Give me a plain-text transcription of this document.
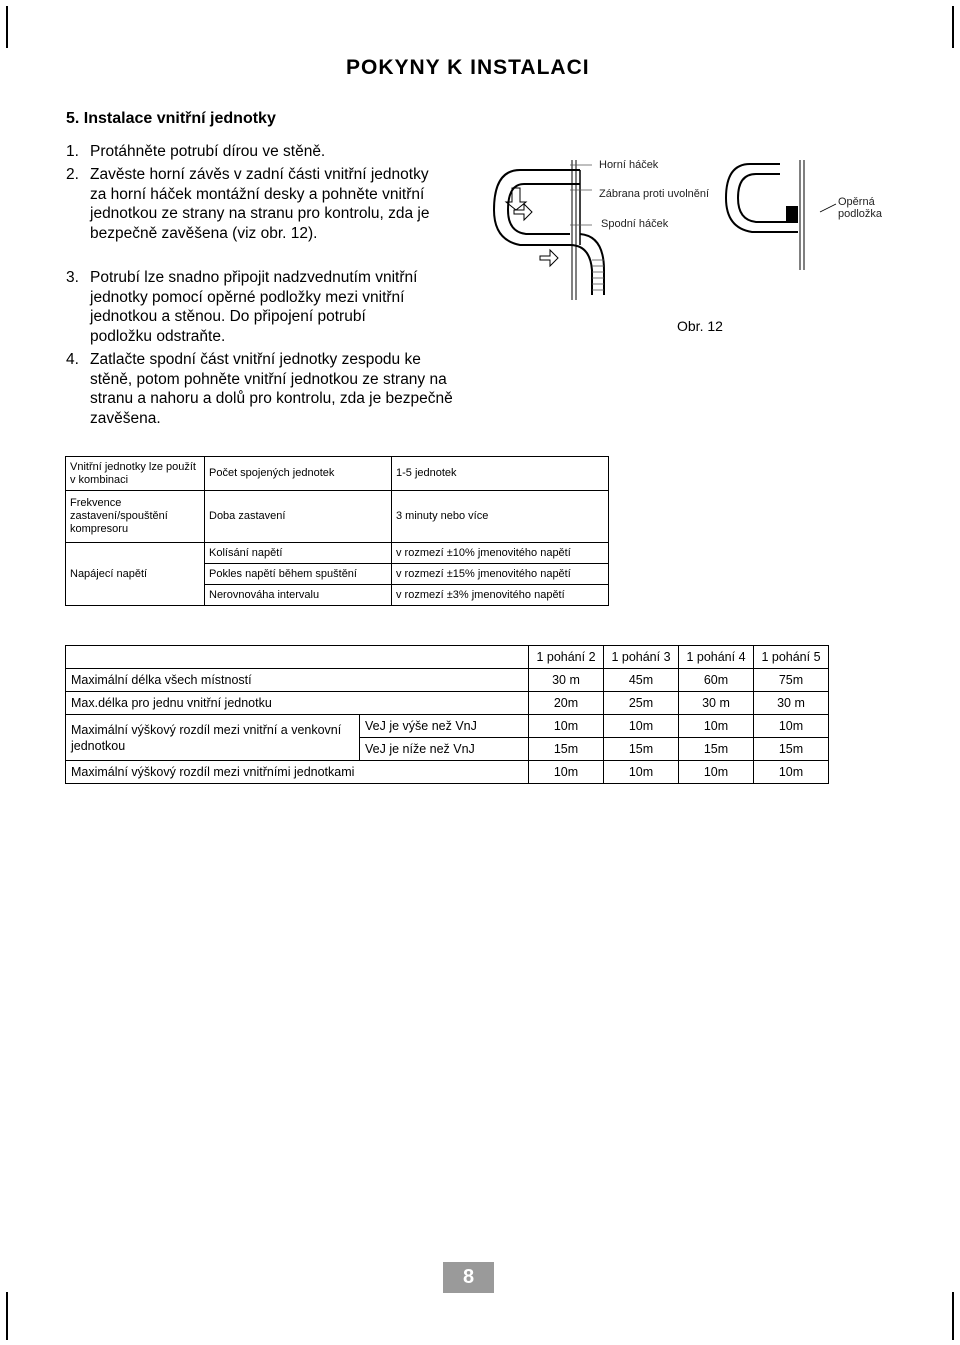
POKYNY K INSTALACI
5. Instalace vnitřní jednotky
1. Protáhněte potrubí dírou ve stěně.
2. Zavěste horní závěs v zadní části vnitřní jednotky za horní háček montážní desky a pohněte vnitřní jednotkou ze strany na stranu pro kontrolu, zda je bezpečně zavěšena (viz obr. 12).
3. Potrubí lze snadno připojit nadzvednutím vnitřní jednotky pomocí opěrné podložky mezi vnitřní jednotkou a stěnou. Do připojení potrubí podložku odstraňte.
4. Zatlačte spodní část vnitřní jednotky zespodu ke stěně, potom pohněte vnitřní jednotkou ze strany na stranu a nahoru a dolů pro kontrolu, zda je bezpečně zavěšena.
Horní háček
Zábrana proti uvolnění
Spodní háček
Opěrná
podložka
Obr. 12
Vnitřní jednotky lze použít v kombinaci	Počet spojených jednotek	1-5 jednotek
Frekvence zastavení/spouštění kompresoru	Doba zastavení	3 minuty nebo více
Napájecí napětí	Kolísání napětí	v rozmezí ±10% jmenovitého napětí
	Pokles napětí během spuštění	v rozmezí ±15% jmenovitého napětí
	Nerovnováha intervalu	v rozmezí ±3% jmenovitého napětí
		1 pohání 2	1 pohání 3	1 pohání 4	1 pohání 5
Maximální délka všech místností		30 m	45m	60m	75m
Max.délka pro jednu vnitřní jednotku		20m	25m	30 m	30 m
Maximální výškový rozdíl mezi vnitřní a venkovní jednotkou	VeJ je výše než VnJ	10m	10m	10m	10m
	VeJ je níže než VnJ	15m	15m	15m	15m
Maximální výškový rozdíl mezi vnitřními jednotkami		10m	10m	10m	10m
8
